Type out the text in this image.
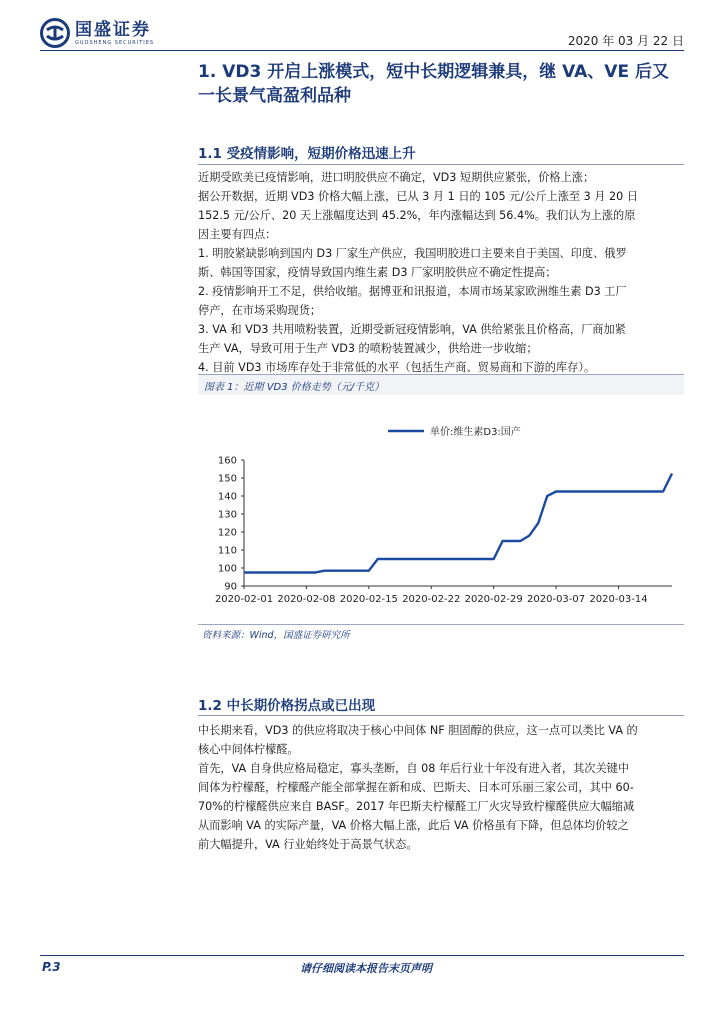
国盛证券
GUOSHENG SECURITIES	2020 年 03 月 22 日
1. VD3 开启上涨模式，短中长期逻辑兼具，继 VA、VE 后又
一长景气高盈利品种
1.1 受疫情影响，短期价格迅速上升
近期受欧美已疫情影响，进口明胶供应不确定，VD3 短期供应紧张，价格上涨；
据公开数据，近期 VD3 价格大幅上涨，已从 3 月 1 日的 105 元/公斤上涨至 3 月 20 日
152.5 元/公斤、20 天上涨幅度达到 45.2%，年内涨幅达到 56.4%。我们认为上涨的原
因主要有四点：
1. 明胶紧缺影响到国内 D3 厂家生产供应，我国明胶进口主要来自于美国、印度、俄罗
斯、韩国等国家，疫情导致国内维生素 D3 厂家明胶供应不确定性提高；
2. 疫情影响开工不足，供给收缩。据博亚和讯报道，本周市场某家欧洲维生素 D3 工厂
停产，在市场采购现货；
3. VA 和 VD3 共用喷粉装置，近期受新冠疫情影响，VA 供给紧张且价格高，厂商加紧
生产 VA，导致可用于生产 VD3 的喷粉装置减少，供给进一步收缩；
4. 目前 VD3 市场库存处于非常低的水平（包括生产商、贸易商和下游的库存）。
图表 1：近期 VD3 价格走势（元/千克）
90
100
110
120
130
140
150
160
2020-02-01 2020-02-08 2020-02-15 2020-02-22 2020-02-29 2020-03-07 2020-03-14
单价:维生素D3:国产
资料来源：Wind，国盛证券研究所
1.2 中长期价格拐点或已出现
中长期来看，VD3 的供应将取决于核心中间体 NF 胆固醇的供应，这一点可以类比 VA 的
核心中间体柠檬醛。
首先，VA 自身供应格局稳定，寡头垄断，自 08 年后行业十年没有进入者，其次关键中
间体为柠檬醛，柠檬醛产能全部掌握在新和成、巴斯夫、日本可乐丽三家公司，其中 60-
70%的柠檬醛供应来自 BASF。2017 年巴斯夫柠檬醛工厂火灾导致柠檬醛供应大幅缩减
从而影响 VA 的实际产量，VA 价格大幅上涨，此后 VA 价格虽有下降，但总体均价较之
前大幅提升，VA 行业始终处于高景气状态。
P.3	请仔细阅读本报告末页声明
